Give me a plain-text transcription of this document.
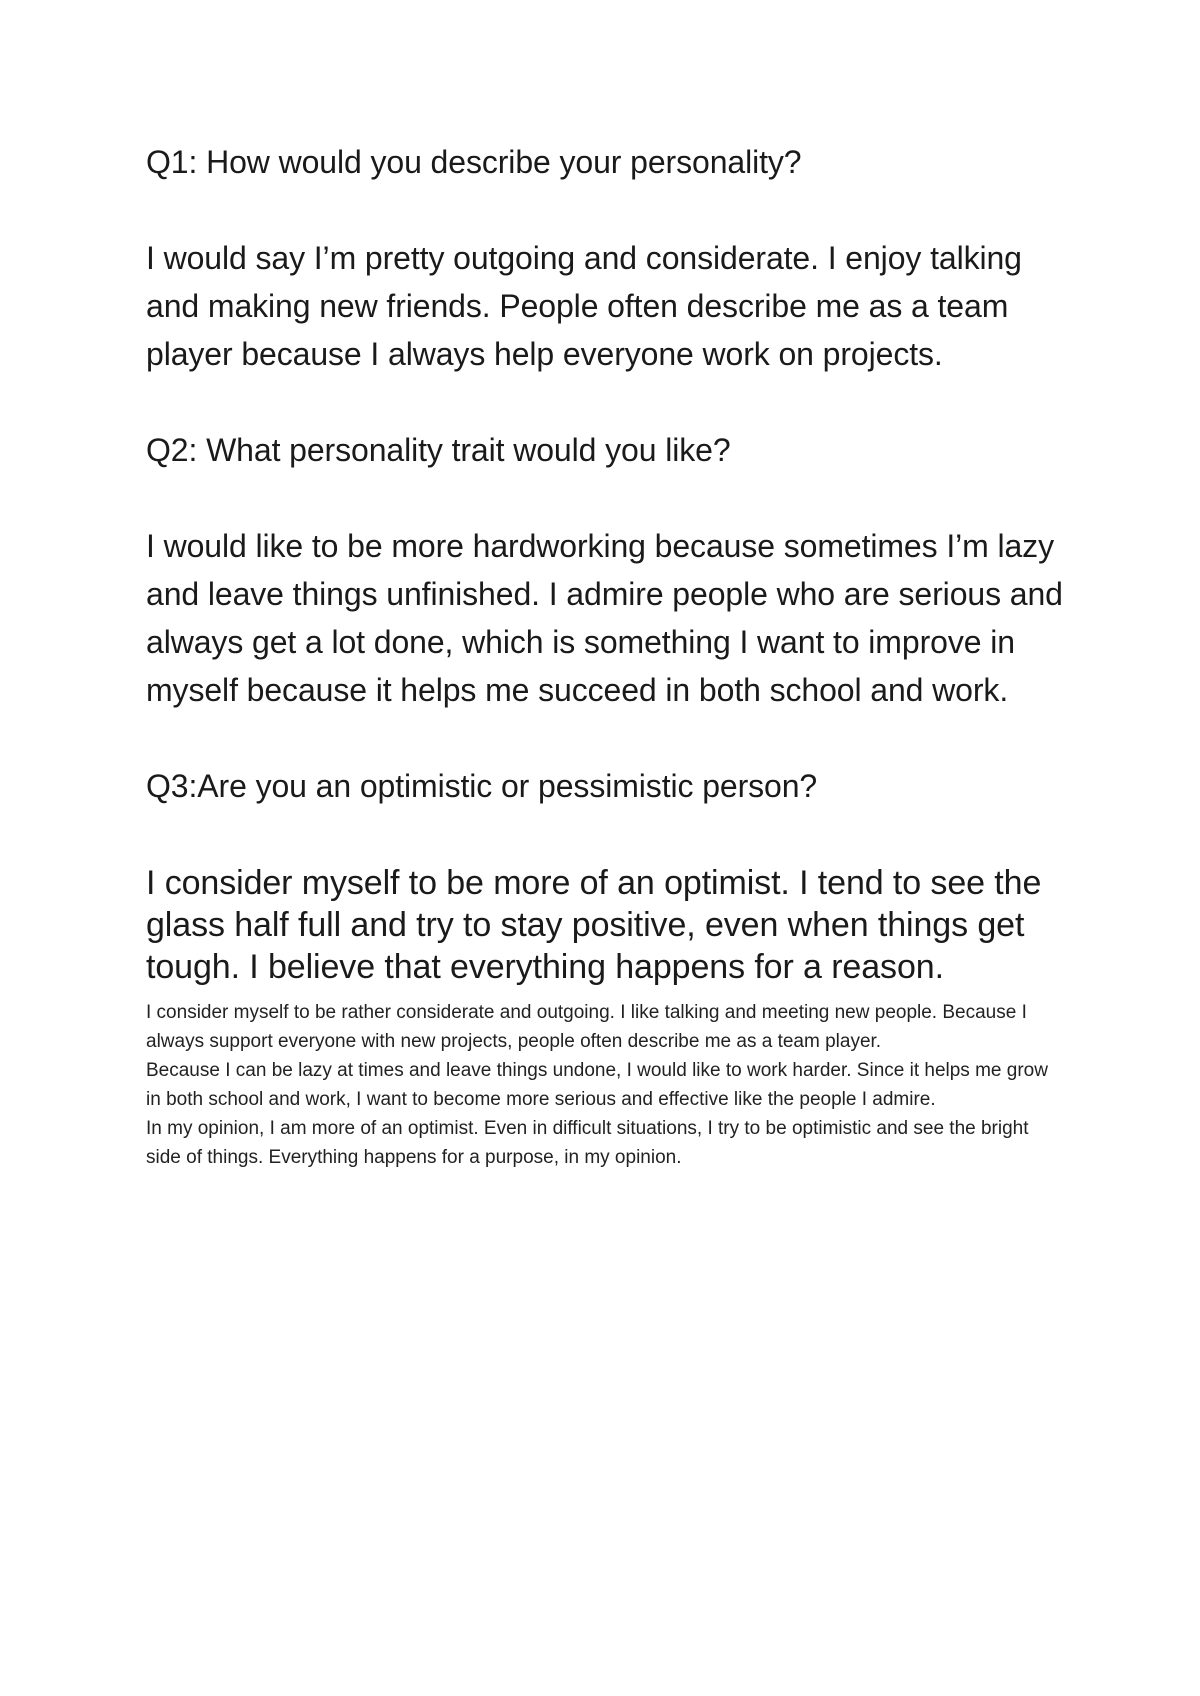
Q1: How would you describe your personality?

I would say I’m pretty outgoing and considerate. I enjoy talking and making new friends. People often describe me as a team player because I always help everyone work on projects.

Q2: What personality trait would you like?

I would like to be more hardworking because sometimes I’m lazy and leave things unfinished. I admire people who are serious and always get a lot done, which is something I want to improve in myself because it helps me succeed in both school and work.

Q3:Are you an optimistic or pessimistic person?

I consider myself to be more of an optimist. I tend to see the glass half full and try to stay positive, even when things get tough. I believe that everything happens for a reason.

I consider myself to be rather considerate and outgoing. I like talking and meeting new people. Because I always support everyone with new projects, people often describe me as a team player.

Because I can be lazy at times and leave things undone, I would like to work harder. Since it helps me grow in both school and work, I want to become more serious and effective like the people I admire.

In my opinion, I am more of an optimist. Even in difficult situations, I try to be optimistic and see the bright side of things. Everything happens for a purpose, in my opinion.
